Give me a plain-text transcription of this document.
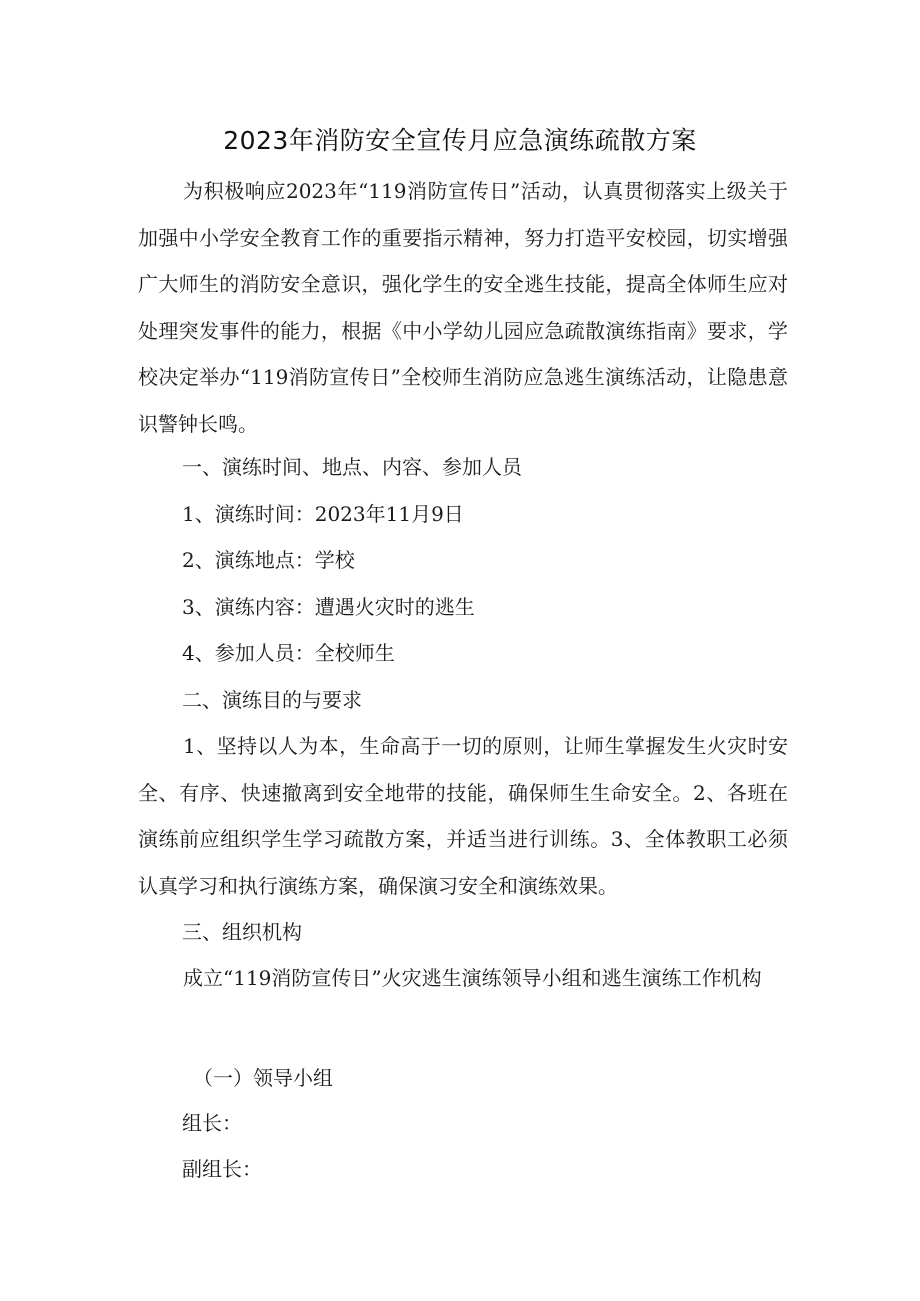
2023年消防安全宣传月应急演练疏散方案
为积极响应2023年“119消防宣传日”活动，认真贯彻落实上级关于加强中小学安全教育工作的重要指示精神，努力打造平安校园，切实增强广大师生的消防安全意识，强化学生的安全逃生技能，提高全体师生应对处理突发事件的能力，根据《中小学幼儿园应急疏散演练指南》要求，学校决定举办“119消防宣传日”全校师生消防应急逃生演练活动，让隐患意识警钟长鸣。
一、演练时间、地点、内容、参加人员
1、演练时间：2023年11月9日
2、演练地点：学校
3、演练内容：遭遇火灾时的逃生
4、参加人员：全校师生
二、演练目的与要求
1、坚持以人为本，生命高于一切的原则，让师生掌握发生火灾时安全、有序、快速撤离到安全地带的技能，确保师生生命安全。2、各班在演练前应组织学生学习疏散方案，并适当进行训练。3、全体教职工必须认真学习和执行演练方案，确保演习安全和演练效果。
三、组织机构
成立“119消防宣传日”火灾逃生演练领导小组和逃生演练工作机构
（一）领导小组
组长：
副组长：
